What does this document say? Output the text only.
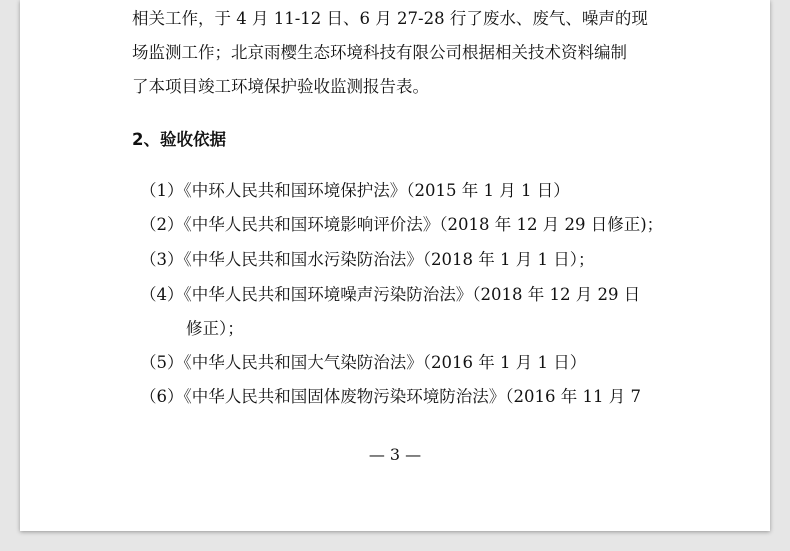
相关工作，于 4 月 11-12 日、6 月 27-28 行了废水、废气、噪声的现
场监测工作；北京雨樱生态环境科技有限公司根据相关技术资料编制
了本项目竣工环境保护验收监测报告表。
2、验收依据
（1）《中环人民共和国环境保护法》（2015 年 1 月 1 日）
（2）《中华人民共和国环境影响评价法》（2018 年 12 月 29 日修正)；
（3）《中华人民共和国水污染防治法》（2018 年 1 月 1 日）；
（4）《中华人民共和国环境噪声污染防治法》（2018 年 12 月 29 日
修正）；
（5）《中华人民共和国大气染防治法》（2016 年 1 月 1 日）
（6）《中华人民共和国固体废物污染环境防治法》（2016 年 11 月 7
— 3 —
